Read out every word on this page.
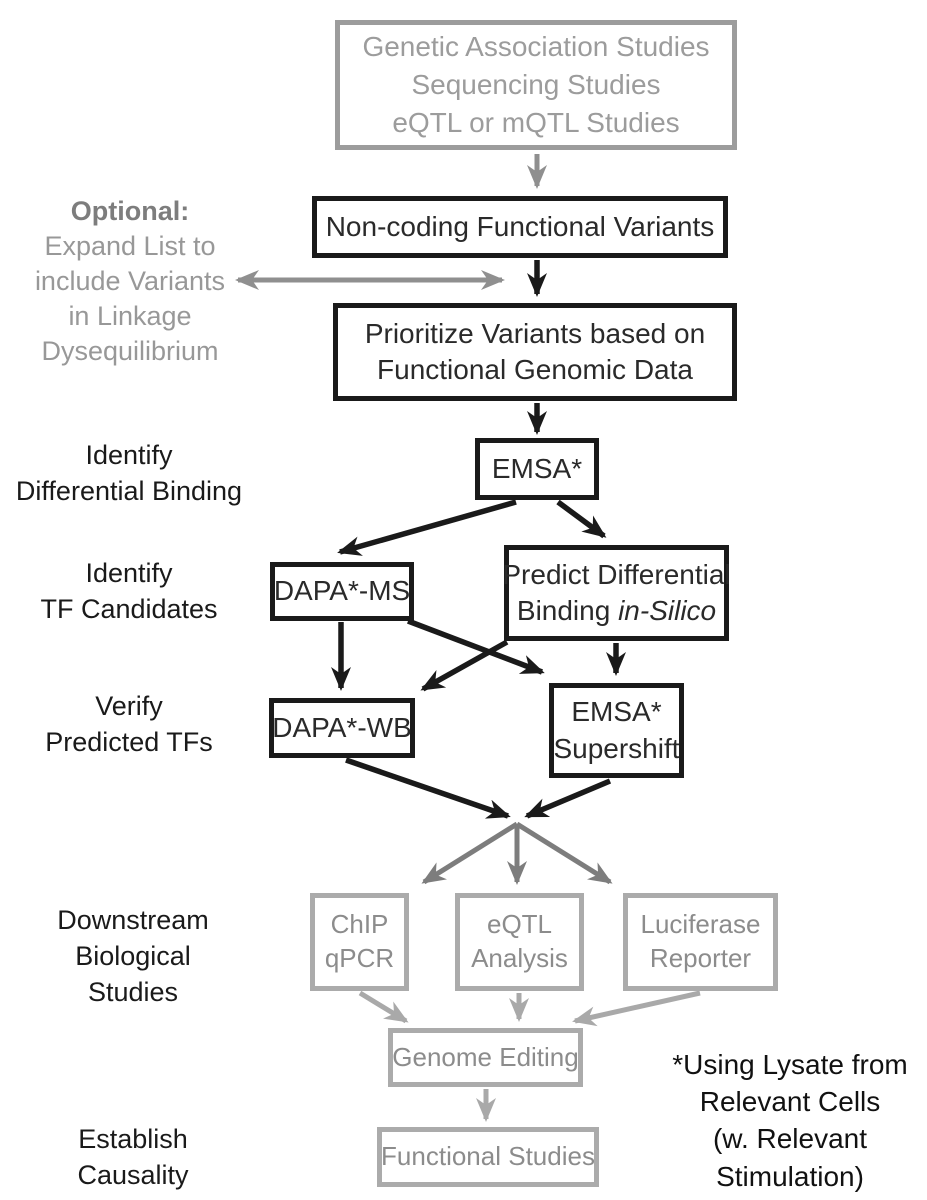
Genetic Association Studies
Sequencing Studies
eQTL or mQTL Studies
Non-coding Functional Variants
Prioritize Variants based on
Functional Genomic Data
EMSA*
DAPA*-MS
Predict Differential
Binding in-Silico
DAPA*-WB
EMSA*
Supershift
ChIP
qPCR
eQTL
Analysis
Luciferase
Reporter
Genome Editing
Functional Studies
Optional:
Expand List to
include Variants
in Linkage
Dysequilibrium
Identify
Differential Binding
Identify
TF Candidates
Verify
Predicted TFs
Downstream
Biological
Studies
Establish
Causality
*Using Lysate from
Relevant Cells
(w. Relevant
Stimulation)
